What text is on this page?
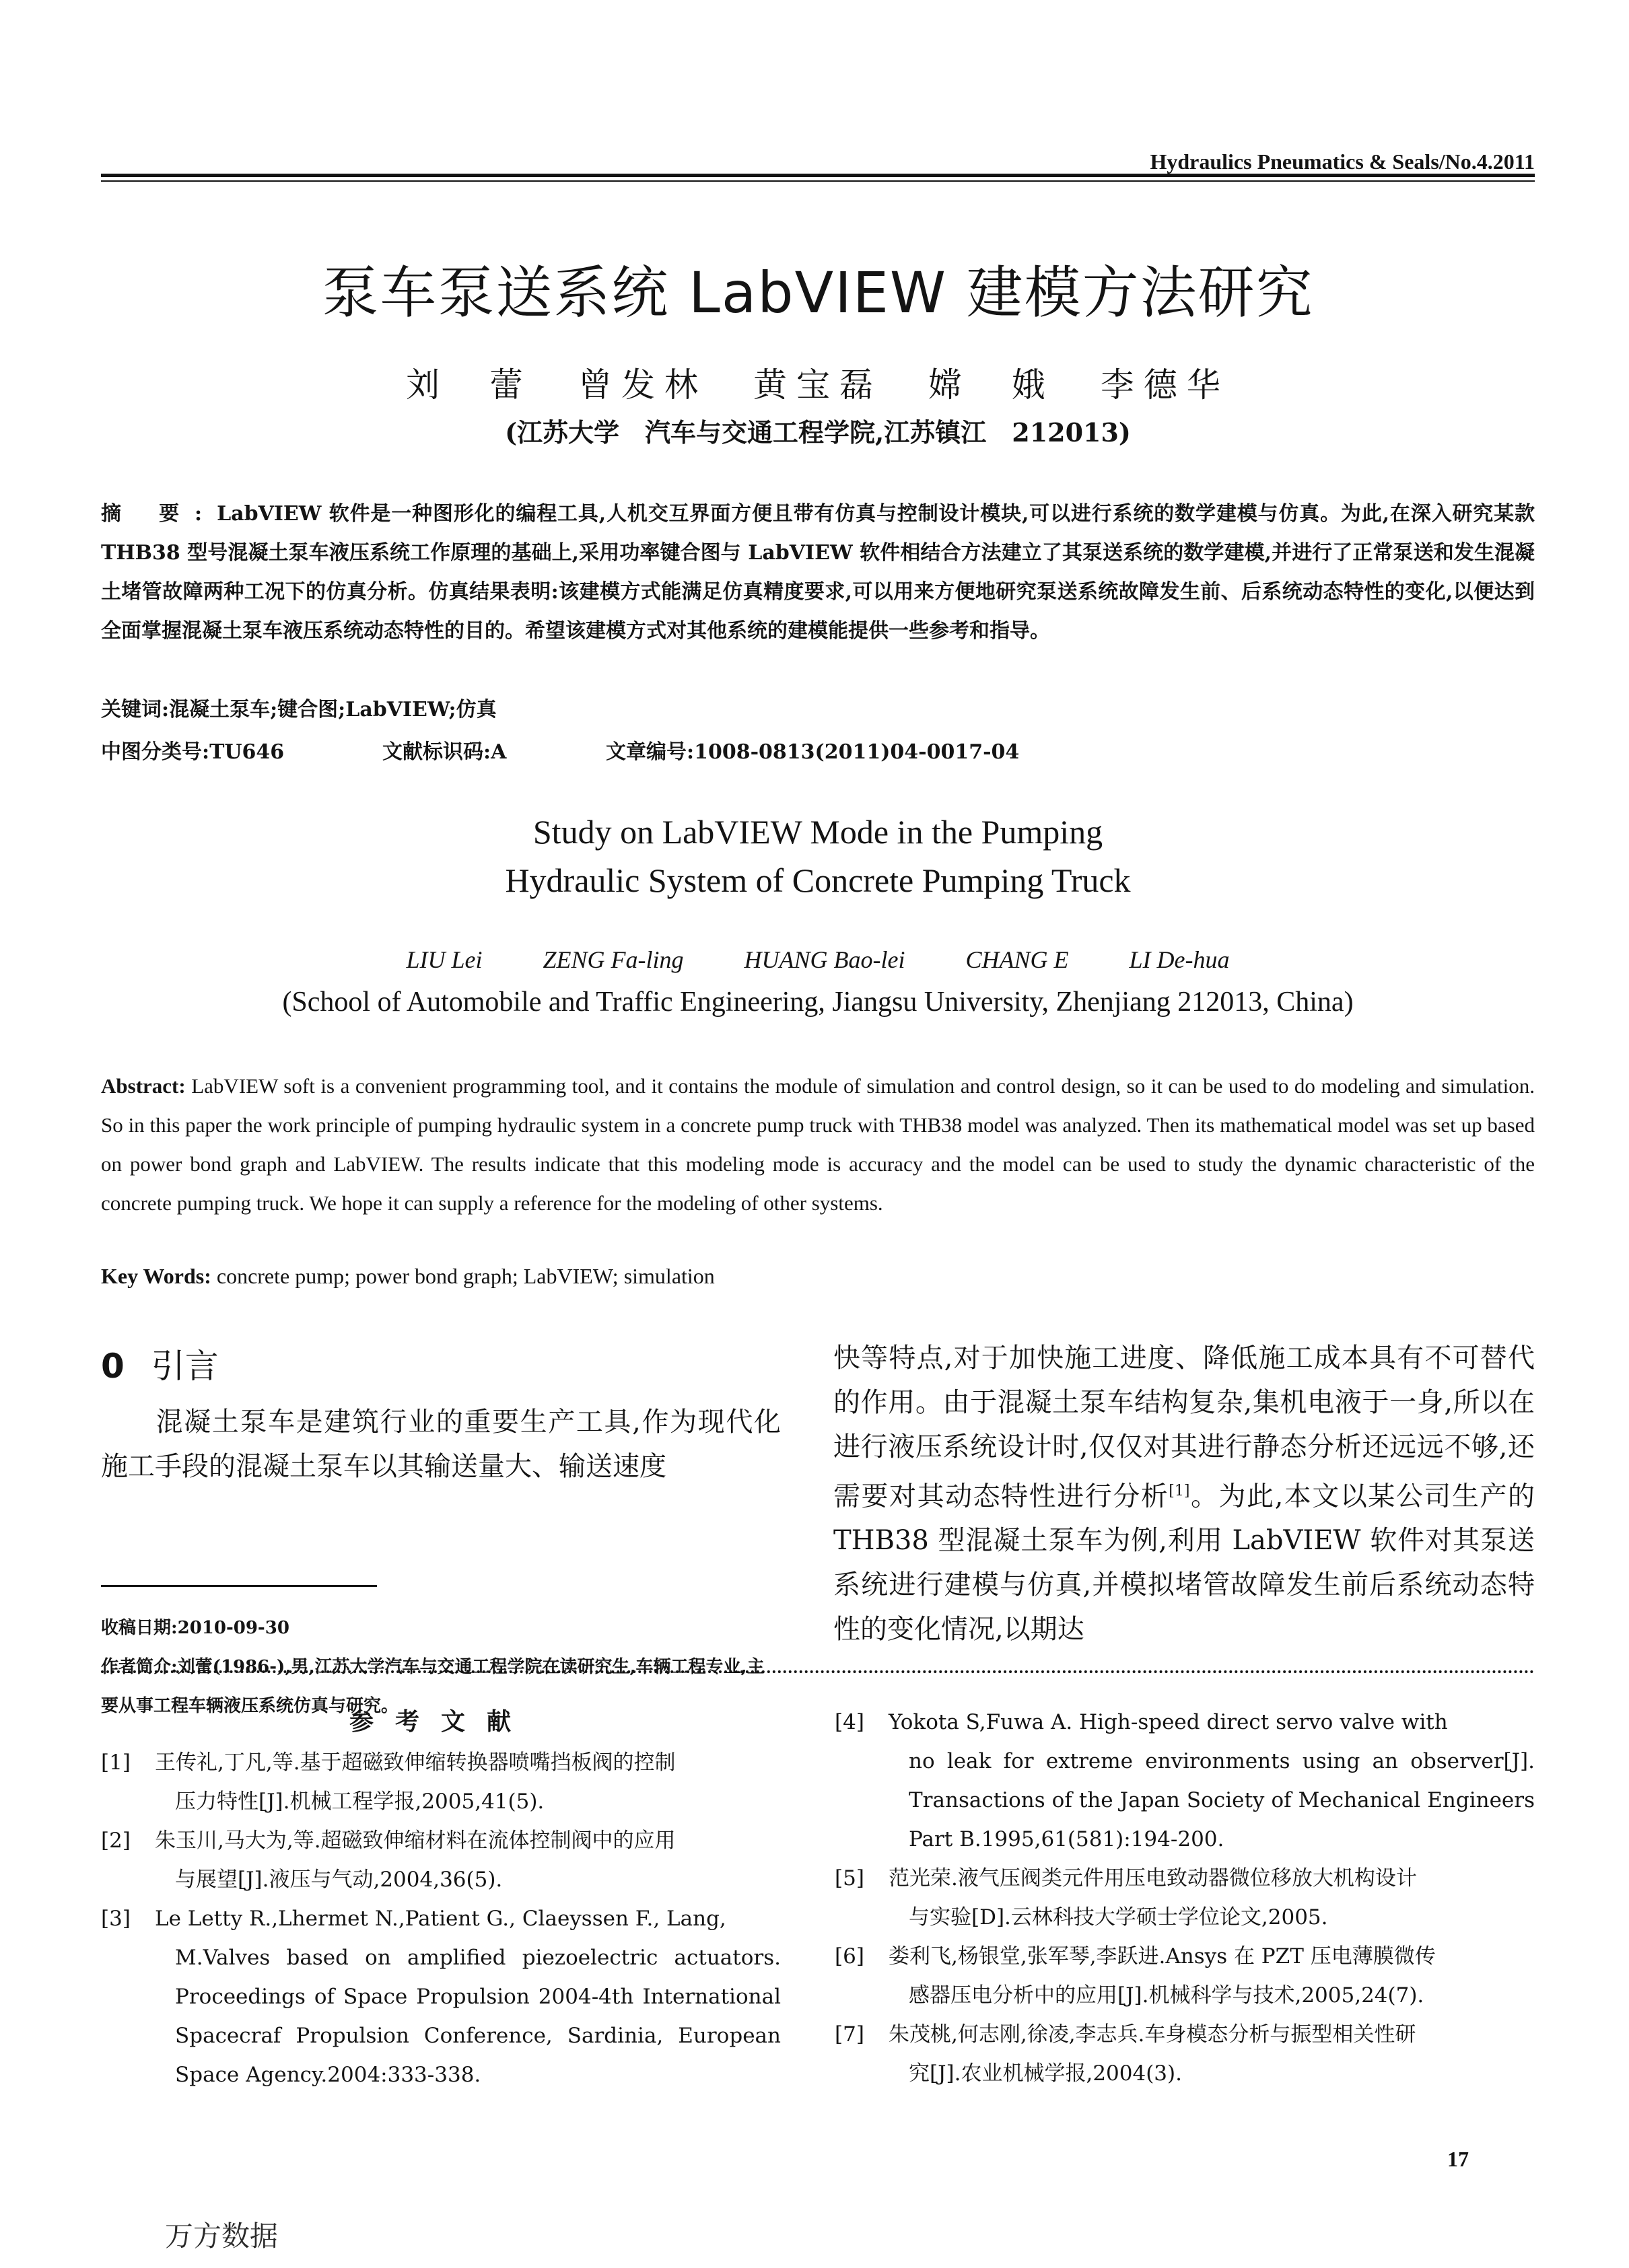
Hydraulics Pneumatics & Seals/No.4.2011
泵车泵送系统 LabVIEW 建模方法研究
刘 蕾 曾发林 黄宝磊 嫦 娥 李德华
(江苏大学　汽车与交通工程学院,江苏镇江　212013)
摘 要:LabVIEW 软件是一种图形化的编程工具,人机交互界面方便且带有仿真与控制设计模块,可以进行系统的数学建模与仿真。为此,在深入研究某款 THB38 型号混凝土泵车液压系统工作原理的基础上,采用功率键合图与 LabVIEW 软件相结合方法建立了其泵送系统的数学建模,并进行了正常泵送和发生混凝土堵管故障两种工况下的仿真分析。仿真结果表明:该建模方式能满足仿真精度要求,可以用来方便地研究泵送系统故障发生前、后系统动态特性的变化,以便达到全面掌握混凝土泵车液压系统动态特性的目的。希望该建模方式对其他系统的建模能提供一些参考和指导。
关键词:混凝土泵车;键合图;LabVIEW;仿真
中图分类号:TU646	文献标识码:A	文章编号:1008-0813(2011)04-0017-04
Study on LabVIEW Mode in the Pumping
Hydraulic System of Concrete Pumping Truck
LIU Lei	ZENG Fa-ling	HUANG Bao-lei	CHANG E	LI De-hua
(School of Automobile and Traffic Engineering, Jiangsu University, Zhenjiang 212013, China)
Abstract: LabVIEW soft is a convenient programming tool, and it contains the module of simulation and control design, so it can be used to do modeling and simulation. So in this paper the work principle of pumping hydraulic system in a concrete pump truck with THB38 model was analyzed. Then its mathematical model was set up based on power bond graph and LabVIEW. The results indicate that this modeling mode is accuracy and the model can be used to study the dynamic characteristic of the concrete pumping truck. We hope it can supply a reference for the modeling of other systems.
Key Words: concrete pump; power bond graph; LabVIEW; simulation
0 引言
  混凝土泵车是建筑行业的重要生产工具,作为现代化施工手段的混凝土泵车以其输送量大、输送速度
快等特点,对于加快施工进度、降低施工成本具有不可替代的作用。由于混凝土泵车结构复杂,集机电液于一身,所以在进行液压系统设计时,仅仅对其进行静态分析还远远不够,还需要对其动态特性进行分析[1]。为此,本文以某公司生产的 THB38 型混凝土泵车为例,利用 LabVIEW 软件对其泵送系统进行建模与仿真,并模拟堵管故障发生前后系统动态特性的变化情况,以期达
收稿日期:2010-09-30
作者简介:刘蕾(1986-),男,江苏大学汽车与交通工程学院在读研究生,车辆工程专业,主要从事工程车辆液压系统仿真与研究。
参考文献
[1]	王传礼,丁凡,等.基于超磁致伸缩转换器喷嘴挡板阀的控制
压力特性[J].机械工程学报,2005,41(5).
[2]	朱玉川,马大为,等.超磁致伸缩材料在流体控制阀中的应用
与展望[J].液压与气动,2004,36(5).
[3]	Le Letty R.,Lhermet N.,Patient G., Claeyssen F., Lang,
M.Valves based on amplified piezoelectric actuators. Proceedings of Space Propulsion 2004-4th International Spacecraf Propulsion Conference, Sardinia, European Space Agency.2004:333-338.
[4]	Yokota S,Fuwa A. High-speed direct servo valve with
no leak for extreme environments using an observer[J]. Transactions of the Japan Society of Mechanical Engineers Part B.1995,61(581):194-200.
[5]	范光荣.液气压阀类元件用压电致动器微位移放大机构设计
与实验[D].云林科技大学硕士学位论文,2005.
[6]	娄利飞,杨银堂,张军琴,李跃进.Ansys 在 PZT 压电薄膜微传
感器压电分析中的应用[J].机械科学与技术,2005,24(7).
[7]	朱茂桃,何志刚,徐凌,李志兵.车身模态分析与振型相关性研
究[J].农业机械学报,2004(3).
17
万方数据
